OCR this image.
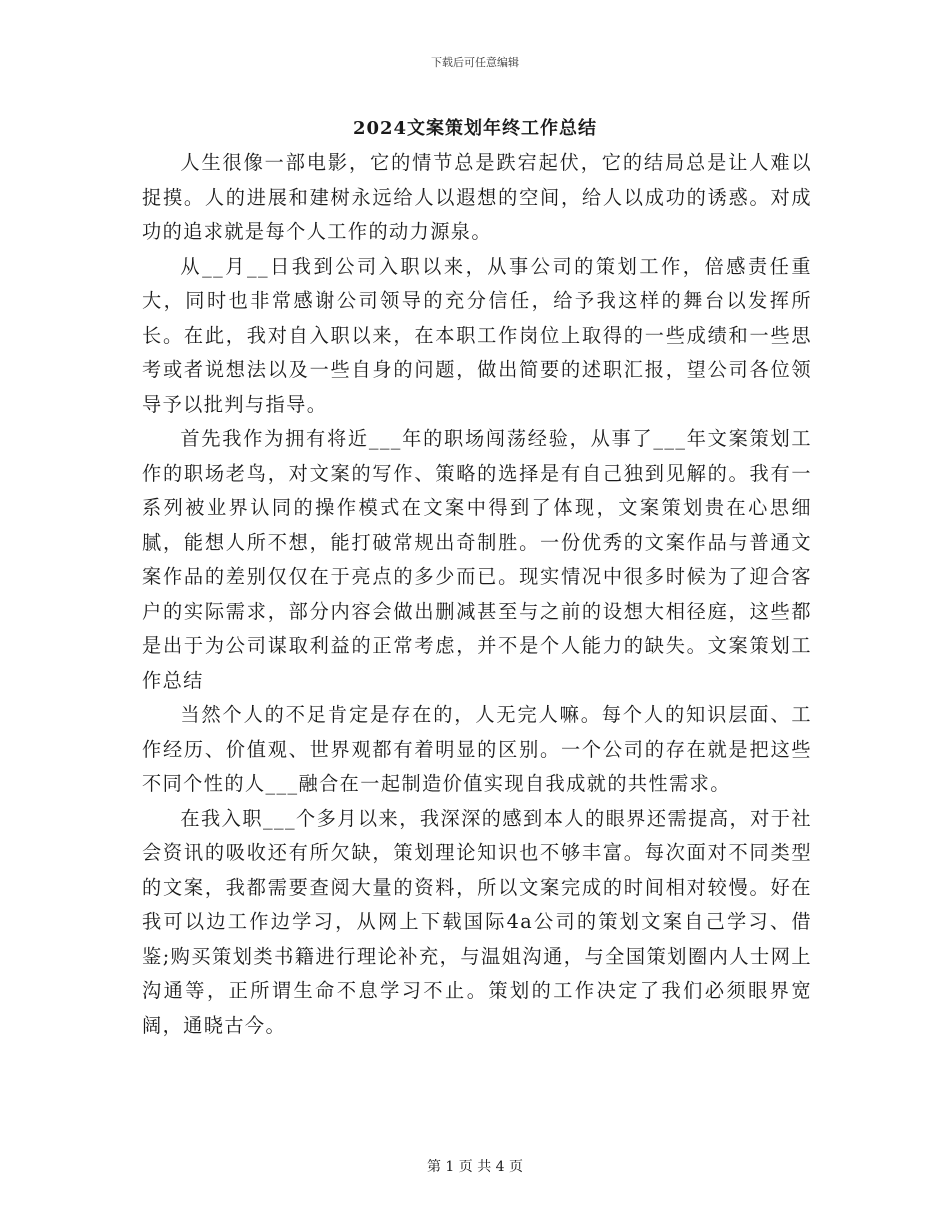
下载后可任意编辑
2024文案策划年终工作总结

人生很像一部电影，它的情节总是跌宕起伏，它的结局总是让人难以捉摸。人的进展和建树永远给人以遐想的空间，给人以成功的诱惑。对成功的追求就是每个人工作的动力源泉。

从__月__日我到公司入职以来，从事公司的策划工作，倍感责任重大，同时也非常感谢公司领导的充分信任，给予我这样的舞台以发挥所长。在此，我对自入职以来，在本职工作岗位上取得的一些成绩和一些思考或者说想法以及一些自身的问题，做出简要的述职汇报，望公司各位领导予以批判与指导。

首先我作为拥有将近___年的职场闯荡经验，从事了___年文案策划工作的职场老鸟，对文案的写作、策略的选择是有自己独到见解的。我有一系列被业界认同的操作模式在文案中得到了体现，文案策划贵在心思细腻，能想人所不想，能打破常规出奇制胜。一份优秀的文案作品与普通文案作品的差别仅仅在于亮点的多少而已。现实情况中很多时候为了迎合客户的实际需求，部分内容会做出删减甚至与之前的设想大相径庭，这些都是出于为公司谋取利益的正常考虑，并不是个人能力的缺失。文案策划工作总结

当然个人的不足肯定是存在的，人无完人嘛。每个人的知识层面、工作经历、价值观、世界观都有着明显的区别。一个公司的存在就是把这些不同个性的人___融合在一起制造价值实现自我成就的共性需求。

在我入职___个多月以来，我深深的感到本人的眼界还需提高，对于社会资讯的吸收还有所欠缺，策划理论知识也不够丰富。每次面对不同类型的文案，我都需要查阅大量的资料，所以文案完成的时间相对较慢。好在我可以边工作边学习，从网上下载国际4a公司的策划文案自己学习、借鉴;购买策划类书籍进行理论补充，与温姐沟通，与全国策划圈内人士网上沟通等，正所谓生命不息学习不止。策划的工作决定了我们必须眼界宽阔，通晓古今。

第 1 页 共 4 页
